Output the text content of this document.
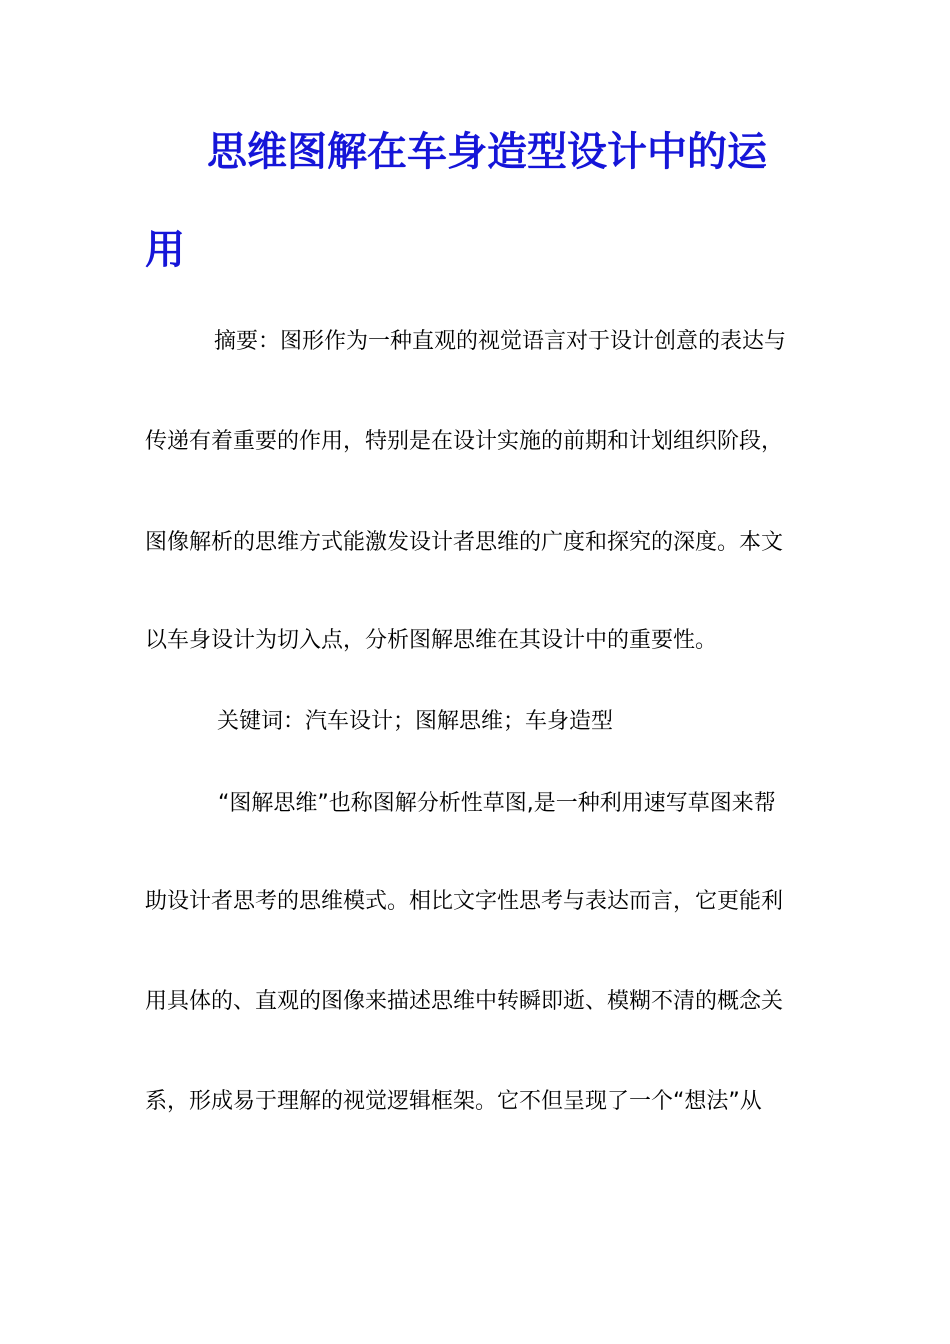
思维图解在车身造型设计中的运
用
摘要：图形作为一种直观的视觉语言对于设计创意的表达与
传递有着重要的作用，特别是在设计实施的前期和计划组织阶段，
图像解析的思维方式能激发设计者思维的广度和探究的深度。本文
以车身设计为切入点，分析图解思维在其设计中的重要性。
关键词：汽车设计；图解思维；车身造型
“图解思维”也称图解分析性草图,是一种利用速写草图来帮
助设计者思考的思维模式。相比文字性思考与表达而言，它更能利
用具体的、直观的图像来描述思维中转瞬即逝、模糊不清的概念关
系，形成易于理解的视觉逻辑框架。它不但呈现了一个“想法”从
